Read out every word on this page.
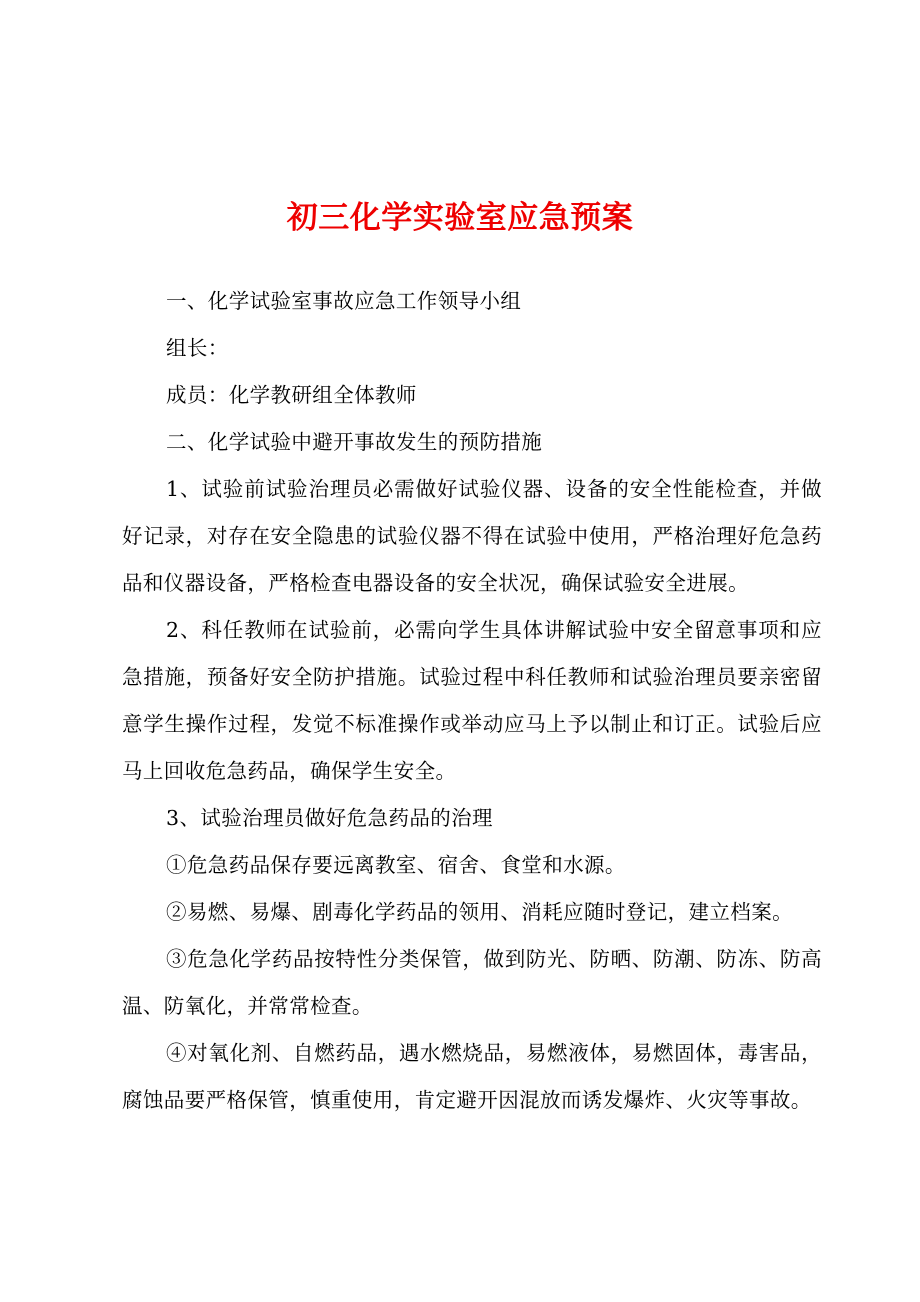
初三化学实验室应急预案

一、化学试验室事故应急工作领导小组

组长：

成员：化学教研组全体教师

二、化学试验中避开事故发生的预防措施

1、试验前试验治理员必需做好试验仪器、设备的安全性能检查，并做好记录，对存在安全隐患的试验仪器不得在试验中使用，严格治理好危急药品和仪器设备，严格检查电器设备的安全状况，确保试验安全进展。

2、科任教师在试验前，必需向学生具体讲解试验中安全留意事项和应急措施，预备好安全防护措施。试验过程中科任教师和试验治理员要亲密留意学生操作过程，发觉不标准操作或举动应马上予以制止和订正。试验后应马上回收危急药品，确保学生安全。

3、试验治理员做好危急药品的治理

①危急药品保存要远离教室、宿舍、食堂和水源。

②易燃、易爆、剧毒化学药品的领用、消耗应随时登记，建立档案。

③危急化学药品按特性分类保管，做到防光、防晒、防潮、防冻、防高温、防氧化，并常常检查。

④对氧化剂、自燃药品，遇水燃烧品，易燃液体，易燃固体，毒害品，腐蚀品要严格保管，慎重使用，肯定避开因混放而诱发爆炸、火灾等事故。
